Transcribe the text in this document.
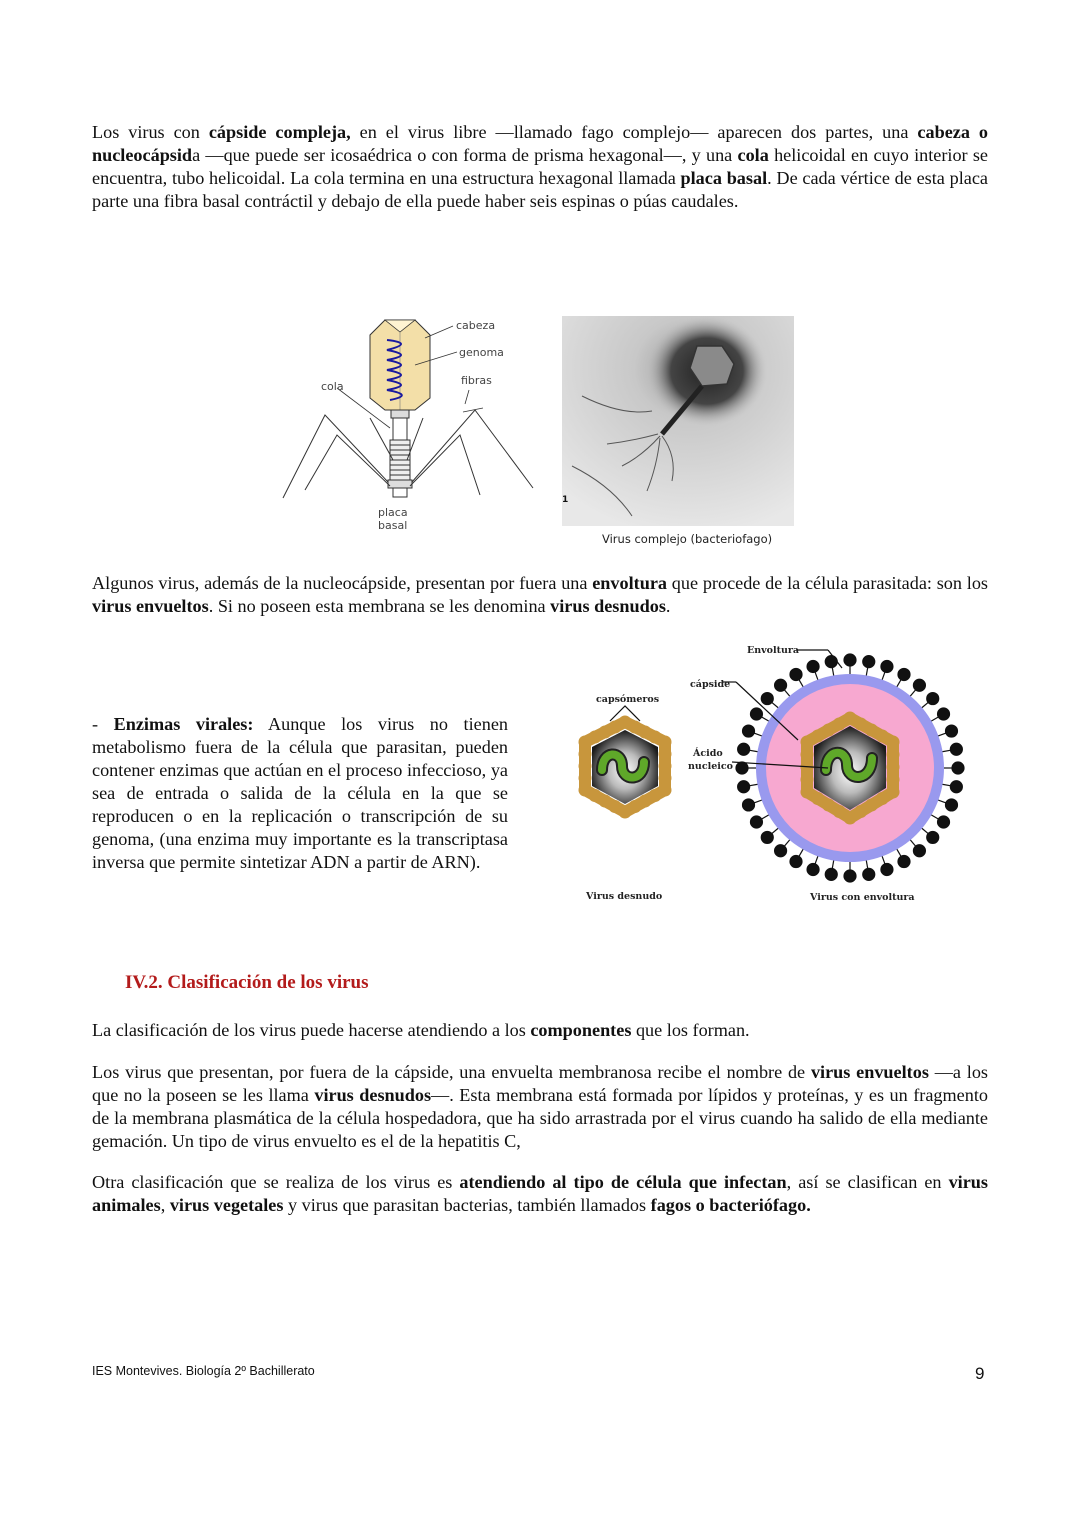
Los virus con cápside compleja, en el virus libre —llamado fago complejo— aparecen dos partes, una cabeza o nucleocápsida —que puede ser icosaédrica o con forma de prisma hexagonal—, y una cola helicoidal en cuyo interior se encuentra, tubo helicoidal. La cola termina en una estructura hexagonal llamada placa basal. De cada vértice de esta placa parte una fibra basal contráctil y debajo de ella puede haber seis espinas o púas caudales.

cabeza
genoma
fibras
cola
placa
basal

1

Virus complejo (bacteriofago)

Algunos virus, además de la nucleocápside, presentan por fuera una envoltura que procede de la célula parasitada: son los virus envueltos. Si no poseen esta membrana se les denomina virus desnudos.

- Enzimas virales: Aunque los virus no tienen metabolismo fuera de la célula que parasitan, pueden contener enzimas que actúan en el proceso infeccioso, ya sea de entrada o salida de la célula en la que se reproducen o en la replicación o transcripción de su genoma, (una enzima muy importante es la transcriptasa inversa que permite sintetizar ADN a partir de ARN).

capsómeros
Envoltura
cápside
Ácido
nucleico
Virus desnudo	Virus con envoltura
IV.2. Clasificación de los virus

La clasificación de los virus puede hacerse atendiendo a los componentes que los forman.

Los virus que presentan, por fuera de la cápside, una envuelta membranosa recibe el nombre de virus envueltos —a los que no la poseen se les llama virus desnudos—. Esta membrana está formada por lípidos y proteínas, y es un fragmento de la membrana plasmática de la célula hospedadora, que ha sido arrastrada por el virus cuando ha salido de ella mediante gemación. Un tipo de virus envuelto es el de la hepatitis C,

Otra clasificación que se realiza de los virus es atendiendo al tipo de célula que infectan, así se clasifican en virus animales, virus vegetales y virus que parasitan bacterias, también llamados fagos o bacteriófago.

IES Montevives. Biología 2º Bachillerato	9
